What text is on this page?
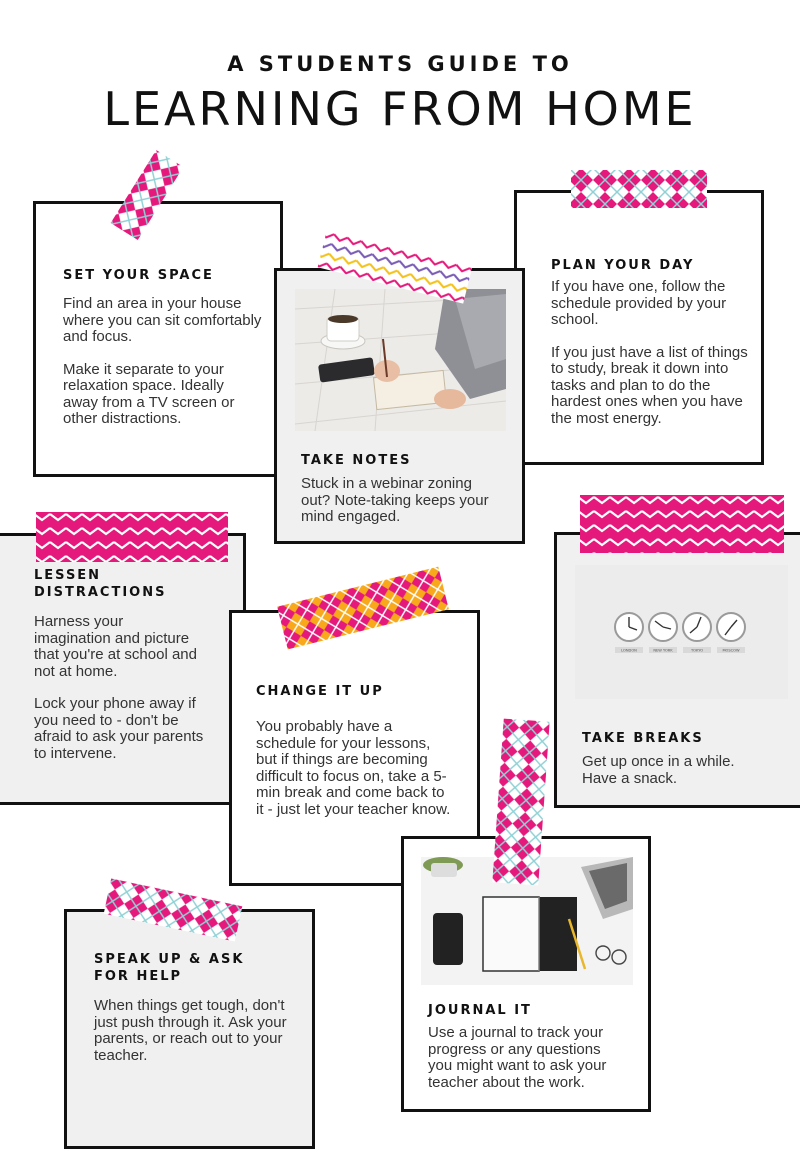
A STUDENTS GUIDE TO
LEARNING FROM HOME
SET YOUR SPACE

Find an area in your house where you can sit comfortably and focus.

Make it separate to your relaxation space. Ideally away from a TV screen or other distractions.

PLAN YOUR DAY

If you have one, follow the schedule provided by your school.

If you just have a list of things to study, break it down into tasks and plan to do the hardest ones when you have the most energy.

TAKE NOTES

Stuck in a webinar zoning out? Note-taking keeps your mind engaged.

LESSEN DISTRACTIONS

Harness your imagination and picture that you're at school and not at home.

Lock your phone away if you need to - don't be afraid to ask your parents to intervene.

LONDON	NEW YORK	TOKYO	MOSCOW
TAKE BREAKS

Get up once in a while. Have a snack.

CHANGE IT UP

You probably have a schedule for your lessons, but if things are becoming difficult to focus on, take a 5-min break and come back to it - just let your teacher know.

JOURNAL IT

Use a journal to track your progress or any questions you might want to ask your teacher about the work.

SPEAK UP & ASK FOR HELP

When things get tough, don't just push through it. Ask your parents, or reach out to your teacher.
